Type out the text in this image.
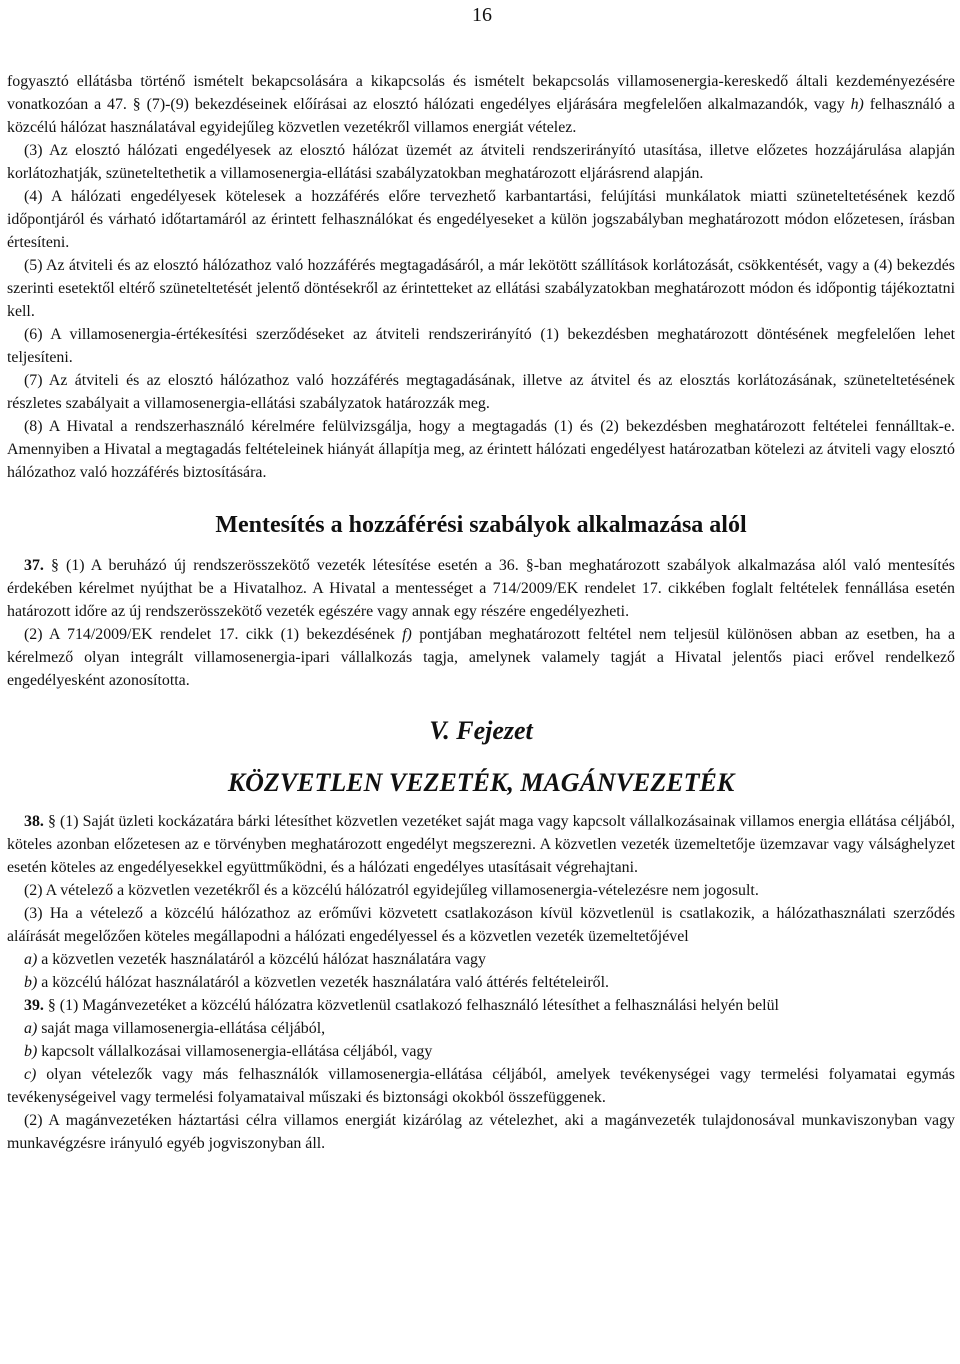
16

fogyasztó ellátásba történő ismételt bekapcsolására a kikapcsolás és ismételt bekapcsolás villamosenergia-kereskedő általi kezdeményezésére vonatkozóan a 47. § (7)-(9) bekezdéseinek előírásai az elosztó hálózati engedélyes eljárására megfelelően alkalmazandók, vagy h) felhasználó a közcélú hálózat használatával egyidejűleg közvetlen vezetékről villamos energiát vételez.

(3) Az elosztó hálózati engedélyesek az elosztó hálózat üzemét az átviteli rendszerirányító utasítása, illetve előzetes hozzájárulása alapján korlátozhatják, szüneteltethetik a villamosenergia-ellátási szabályzatokban meghatározott eljárásrend alapján.

(4) A hálózati engedélyesek kötelesek a hozzáférés előre tervezhető karbantartási, felújítási munkálatok miatti szüneteltetésének kezdő időpontjáról és várható időtartamáról az érintett felhasználókat és engedélyeseket a külön jogszabályban meghatározott módon előzetesen, írásban értesíteni.

(5) Az átviteli és az elosztó hálózathoz való hozzáférés megtagadásáról, a már lekötött szállítások korlátozását, csökkentését, vagy a (4) bekezdés szerinti esetektől eltérő szüneteltetését jelentő döntésekről az érintetteket az ellátási szabályzatokban meghatározott módon és időpontig tájékoztatni kell.

(6) A villamosenergia-értékesítési szerződéseket az átviteli rendszerirányító (1) bekezdésben meghatározott döntésének megfelelően lehet teljesíteni.

(7) Az átviteli és az elosztó hálózathoz való hozzáférés megtagadásának, illetve az átvitel és az elosztás korlátozásának, szüneteltetésének részletes szabályait a villamosenergia-ellátási szabályzatok határozzák meg.

(8) A Hivatal a rendszerhasználó kérelmére felülvizsgálja, hogy a megtagadás (1) és (2) bekezdésben meghatározott feltételei fennálltak-e. Amennyiben a Hivatal a megtagadás feltételeinek hiányát állapítja meg, az érintett hálózati engedélyest határozatban kötelezi az átviteli vagy elosztó hálózathoz való hozzáférés biztosítására.

Mentesítés a hozzáférési szabályok alkalmazása alól

37. § (1) A beruházó új rendszerösszekötő vezeték létesítése esetén a 36. §-ban meghatározott szabályok alkalmazása alól való mentesítés érdekében kérelmet nyújthat be a Hivatalhoz. A Hivatal a mentességet a 714/2009/EK rendelet 17. cikkében foglalt feltételek fennállása esetén határozott időre az új rendszerösszekötő vezeték egészére vagy annak egy részére engedélyezheti.

(2) A 714/2009/EK rendelet 17. cikk (1) bekezdésének f) pontjában meghatározott feltétel nem teljesül különösen abban az esetben, ha a kérelmező olyan integrált villamosenergia-ipari vállalkozás tagja, amelynek valamely tagját a Hivatal jelentős piaci erővel rendelkező engedélyesként azonosította.

V. Fejezet
KÖZVETLEN VEZETÉK, MAGÁNVEZETÉK

38. § (1) Saját üzleti kockázatára bárki létesíthet közvetlen vezetéket saját maga vagy kapcsolt vállalkozásainak villamos energia ellátása céljából, köteles azonban előzetesen az e törvényben meghatározott engedélyt megszerezni. A közvetlen vezeték üzemeltetője üzemzavar vagy válsághelyzet esetén köteles az engedélyesekkel együttműködni, és a hálózati engedélyes utasításait végrehajtani.

(2) A vételező a közvetlen vezetékről és a közcélú hálózatról egyidejűleg villamosenergia-vételezésre nem jogosult.

(3) Ha a vételező a közcélú hálózathoz az erőművi közvetett csatlakozáson kívül közvetlenül is csatlakozik, a hálózathasználati szerződés aláírását megelőzően köteles megállapodni a hálózati engedélyessel és a közvetlen vezeték üzemeltetőjével

a) a közvetlen vezeték használatáról a közcélú hálózat használatára vagy

b) a közcélú hálózat használatáról a közvetlen vezeték használatára való áttérés feltételeiről.

39. § (1) Magánvezetéket a közcélú hálózatra közvetlenül csatlakozó felhasználó létesíthet a felhasználási helyén belül

a) saját maga villamosenergia-ellátása céljából,

b) kapcsolt vállalkozásai villamosenergia-ellátása céljából, vagy

c) olyan vételezők vagy más felhasználók villamosenergia-ellátása céljából, amelyek tevékenységei vagy termelési folyamatai egymás tevékenységeivel vagy termelési folyamataival műszaki és biztonsági okokból összefüggenek.

(2) A magánvezetéken háztartási célra villamos energiát kizárólag az vételezhet, aki a magánvezeték tulajdonosával munkaviszonyban vagy munkavégzésre irányuló egyéb jogviszonyban áll.
